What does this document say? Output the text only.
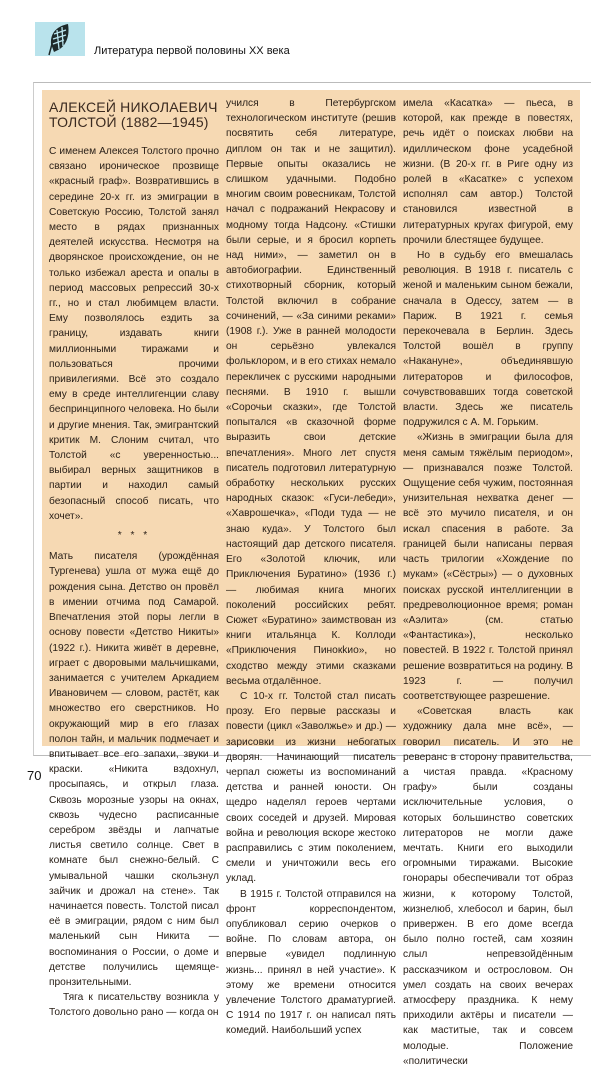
Литература первой половины XX века
АЛЕКСЕЙ НИКОЛАЕВИЧ
ТОЛСТОЙ (1882—1945)

С именем Алексея Толстого прочно связано ироническое прозвище «красный граф». Возвратившись в середине 20-х гг. из эмиграции в Советскую Россию, Толстой занял место в рядах признанных деятелей искусства. Несмотря на дворянское происхождение, он не только избежал ареста и опалы в период массовых репрессий 30-х гг., но и стал любимцем власти. Ему позволялось ездить за границу, издавать книги миллионными тиражами и пользоваться прочими привилегиями. Всё это создало ему в среде интеллигенции славу беспринципного человека. Но были и другие мнения. Так, эмигрантский критик М. Слоним считал, что Толстой «с уверенностью... выбирал верных защитников в партии и находил самый безопасный способ писать, что хочет».

* * *

Мать писателя (урождённая Тургенева) ушла от мужа ещё до рождения сына. Детство он провёл в имении отчима под Самарой. Впечатления этой поры легли в основу повести «Детство Никиты» (1922 г.). Никита живёт в деревне, играет с дворовыми мальчишками, занимается с учителем Аркадием Ивановичем — словом, растёт, как множество его сверстников. Но окружающий мир в его глазах полон тайн, и мальчик подмечает и впитывает все его запахи, звуки и краски. «Никита вздохнул, просыпаясь, и открыл глаза. Сквозь морозные узоры на окнах, сквозь чудесно расписанные серебром звёзды и лапчатые листья светило солнце. Свет в комнате был снежно-белый. С умывальной чашки скользнул зайчик и дрожал на стене». Так начинается повесть. Толстой писал её в эмиграции, рядом с ним был маленький сын Никита — воспоминания о России, о доме и детстве получились щемяще-пронзительными.

Тяга к писательству возникла у Толстого довольно рано — когда он

учился в Петербургском технологическом институте (решив посвятить себя литературе, диплом он так и не защитил). Первые опыты оказались не слишком удачными. Подобно многим своим ровесникам, Толстой начал с подражаний Некрасову и модному тогда Надсону. «Стишки были серые, и я бросил корпеть над ними», — заметил он в автобиографии. Единственный стихотворный сборник, который Толстой включил в собрание сочинений, — «За синими реками» (1908 г.). Уже в ранней молодости он серьёзно увлекался фольклором, и в его стихах немало перекличек с русскими народными песнями. В 1910 г. вышли «Сорочьи сказки», где Толстой попытался «в сказочной форме выразить свои детские впечатления». Много лет спустя писатель подготовил литературную обработку нескольких русских народных сказок: «Гуси-лебеди», «Хаврошечка», «Поди туда — не знаю куда». У Толстого был настоящий дар детского писателя. Его «Золотой ключик, или Приключения Буратино» (1936 г.) — любимая книга многих поколений российских ребят. Сюжет «Буратино» заимствован из книги итальянца К. Коллоди «Приключения Пинокkио», но сходство между этими сказками весьма отдалённое.

С 10-х гг. Толстой стал писать прозу. Его первые рассказы и повести (цикл «Заволжье» и др.) — зарисовки из жизни небогатых дворян. Начинающий писатель черпал сюжеты из воспоминаний детства и ранней юности. Он щедро наделял героев чертами своих соседей и друзей. Мировая война и революция вскоре жестоко расправились с этим поколением, смели и уничтожили весь его уклад.

В 1915 г. Толстой отправился на фронт корреспондентом, опубликовал серию очерков о войне. По словам автора, он впервые «увидел подлинную жизнь... принял в ней участие». К этому же времени относится увлечение Толстого драматургией. С 1914 по 1917 г. он написал пять комедий. Наибольший успех

имела «Касатка» — пьеса, в которой, как прежде в повестях, речь идёт о поисках любви на идиллическом фоне усадебной жизни. (В 20-х гг. в Риге одну из ролей в «Касатке» с успехом исполнял сам автор.) Толстой становился известной в литературных кругах фигурой, ему прочили блестящее будущее.

Но в судьбу его вмешалась революция. В 1918 г. писатель с женой и маленьким сыном бежали, сначала в Одессу, затем — в Париж. В 1921 г. семья перекочевала в Берлин. Здесь Толстой вошёл в группу «Накануне», объединявшую литераторов и философов, сочувствовавших тогда советской власти. Здесь же писатель подружился с А. М. Горьким.

«Жизнь в эмиграции была для меня самым тяжёлым периодом», — признавался позже Толстой. Ощущение себя чужим, постоянная унизительная нехватка денег — всё это мучило писателя, и он искал спасения в работе. За границей были написаны первая часть трилогии «Хождение по мукам» («Сёстры») — о духовных поисках русской интеллигенции в предреволюционное время; роман «Аэлита» (см. статью «Фантастика»), несколько повестей. В 1922 г. Толстой принял решение возвратиться на родину. В 1923 г. — получил соответствующее разрешение.

«Советская власть как художнику дала мне всё», — говорил писатель. И это не реверанс в сторону правительства, а чистая правда. «Красному графу» были созданы исключительные условия, о которых большинство советских литераторов не могли даже мечтать. Книги его выходили огромными тиражами. Высокие гонорары обеспечивали тот образ жизни, к которому Толстой, жизнелюб, хлебосол и барин, был привержен. В его доме всегда было полно гостей, сам хозяин слыл непревзойдённым рассказчиком и остроcловом. Он умел создать на своих вечерах атмосферу праздника. К нему приходили актёры и писатели — как маститые, так и совсем молодые. Положение «политически

70
